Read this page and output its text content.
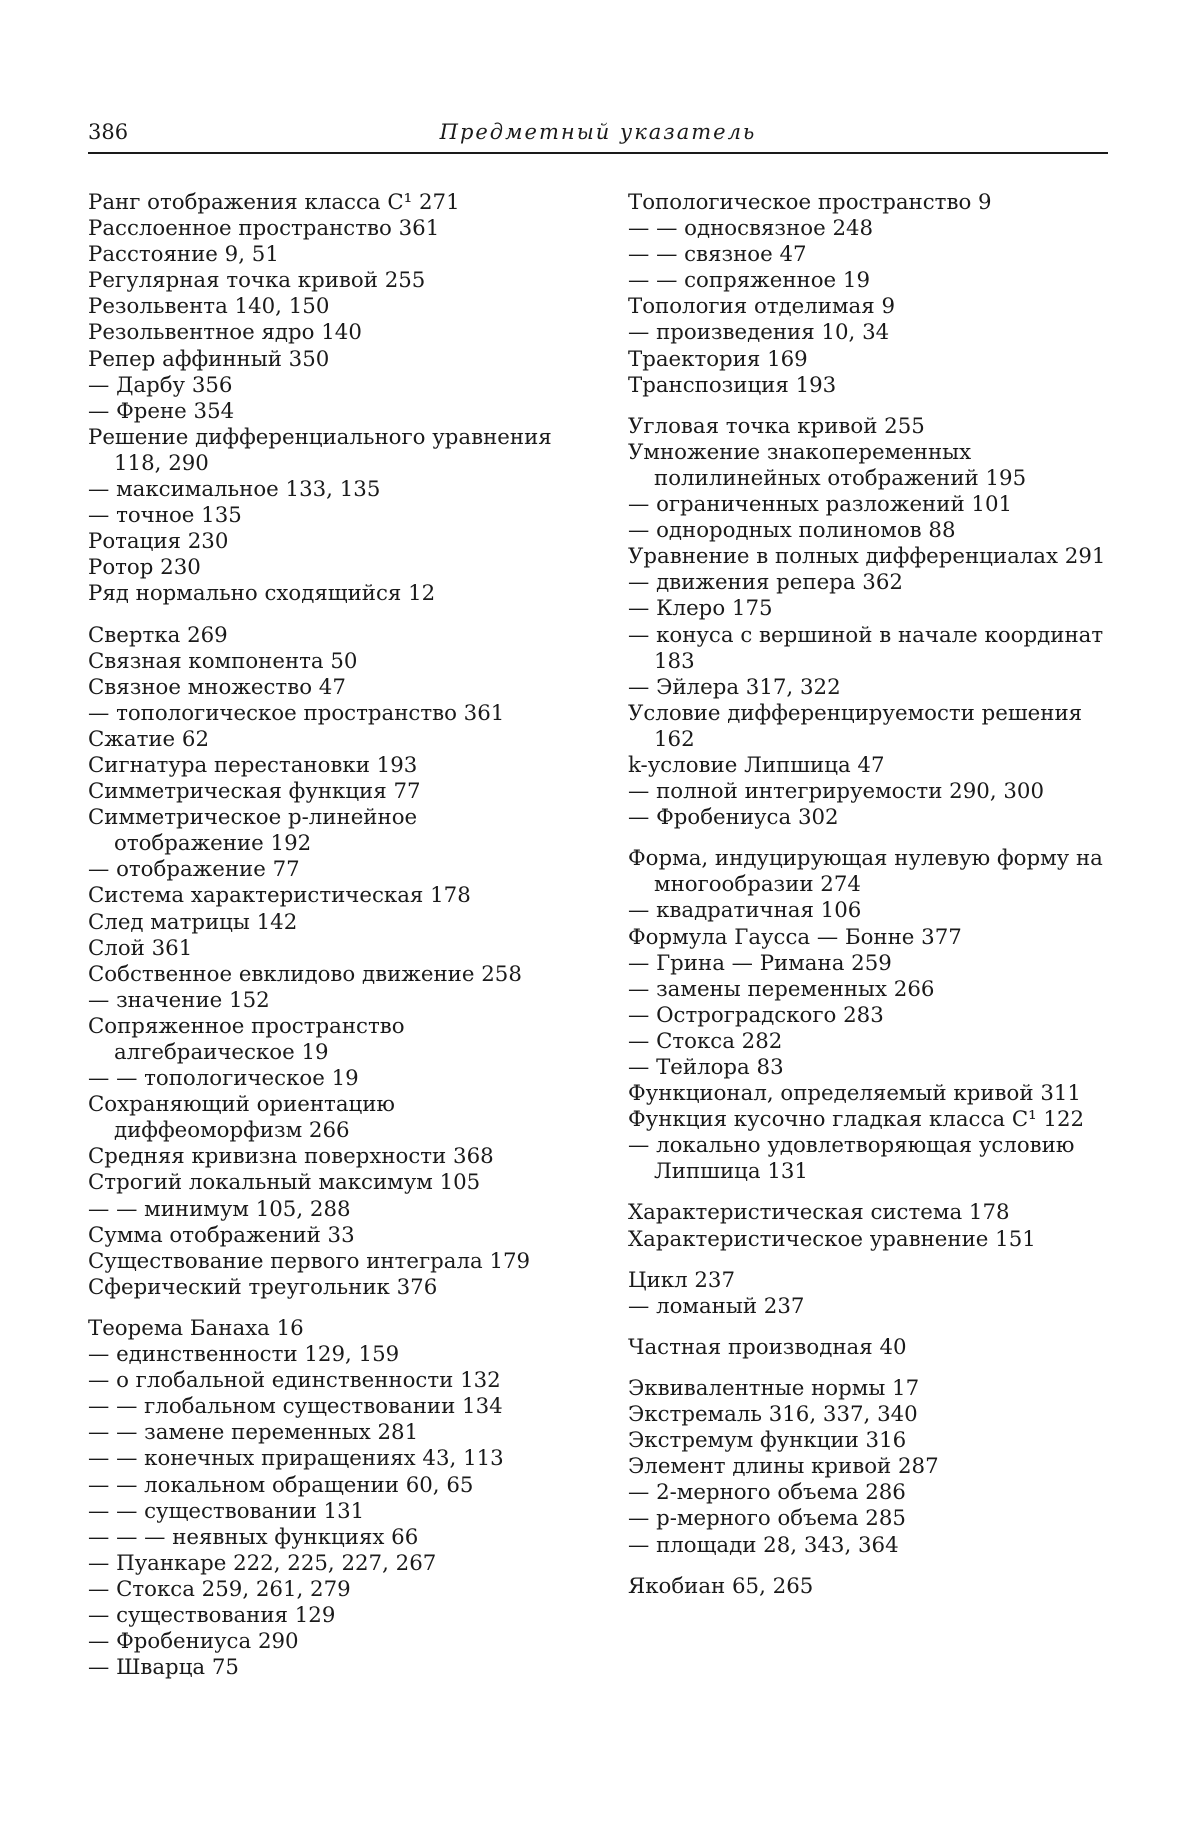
386	Предметный указатель
Ранг отображения класса C¹ 271
Расслоенное пространство 361
Расстояние 9, 51
Регулярная точка кривой 255
Резольвента 140, 150
Резольвентное ядро 140
Репер аффинный 350
— Дарбу 356
— Френе 354
Решение дифференциального уравнения 118, 290
— максимальное 133, 135
— точное 135
Ротация 230
Ротор 230
Ряд нормально сходящийся 12
Свертка 269
Связная компонента 50
Связное множество 47
— топологическое пространство 361
Сжатие 62
Сигнатура перестановки 193
Симметрическая функция 77
Симметрическое p-линейное отображение 192
— отображение 77
Система характеристическая 178
След матрицы 142
Слой 361
Собственное евклидово движение 258
— значение 152
Сопряженное пространство алгебраическое 19
— — топологическое 19
Сохраняющий ориентацию диффеоморфизм 266
Средняя кривизна поверхности 368
Строгий локальный максимум 105
— — минимум 105, 288
Сумма отображений 33
Существование первого интеграла 179
Сферический треугольник 376
Теорема Банаха 16
— единственности 129, 159
— о глобальной единственности 132
— — глобальном существовании 134
— — замене переменных 281
— — конечных приращениях 43, 113
— — локальном обращении 60, 65
— — существовании 131
— — — неявных функциях 66
— Пуанкаре 222, 225, 227, 267
— Стокса 259, 261, 279
— существования 129
— Фробениуса 290
— Шварца 75
Топологическое пространство 9
— — односвязное 248
— — связное 47
— — сопряженное 19
Топология отделимая 9
— произведения 10, 34
Траектория 169
Транспозиция 193
Угловая точка кривой 255
Умножение знакопеременных полилинейных отображений 195
— ограниченных разложений 101
— однородных полиномов 88
Уравнение в полных дифференциалах 291
— движения репера 362
— Клеро 175
— конуса с вершиной в начале координат 183
— Эйлера 317, 322
Условие дифференцируемости решения 162
k-условие Липшица 47
— полной интегрируемости 290, 300
— Фробениуса 302
Форма, индуцирующая нулевую форму на многообразии 274
— квадратичная 106
Формула Гаусса — Бонне 377
— Грина — Римана 259
— замены переменных 266
— Остроградского 283
— Стокса 282
— Тейлора 83
Функционал, определяемый кривой 311
Функция кусочно гладкая класса C¹ 122
— локально удовлетворяющая условию Липшица 131
Характеристическая система 178
Характеристическое уравнение 151
Цикл 237
— ломаный 237
Частная производная 40
Эквивалентные нормы 17
Экстремаль 316, 337, 340
Экстремум функции 316
Элемент длины кривой 287
— 2-мерного объема 286
— p-мерного объема 285
— площади 28, 343, 364
Якобиан 65, 265
